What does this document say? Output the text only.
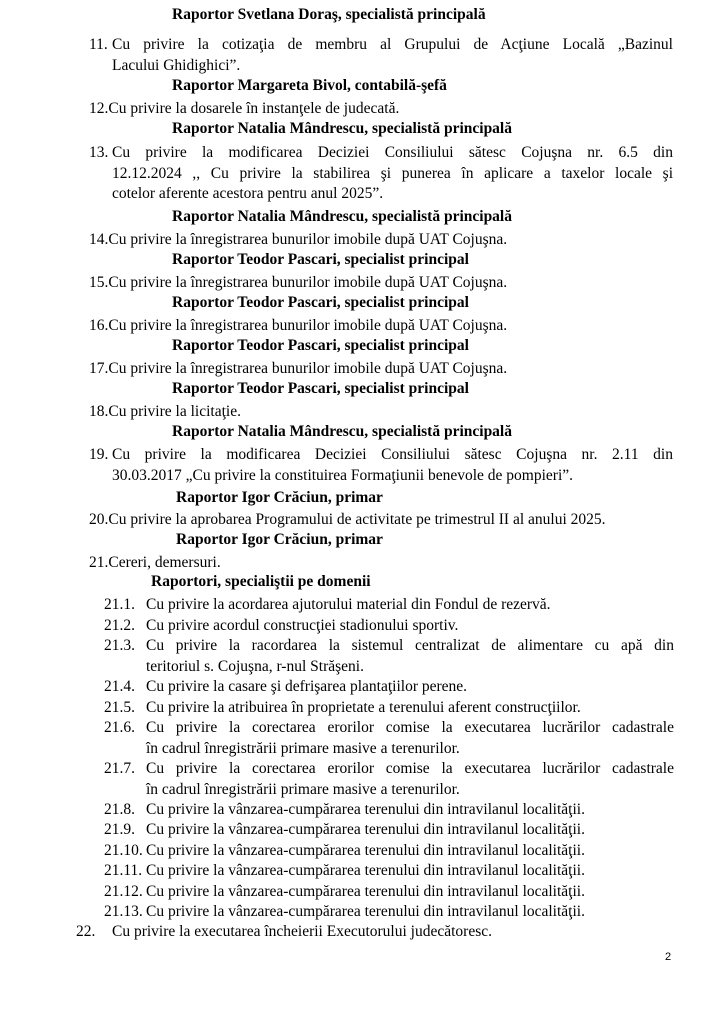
Raportor Svetlana Doraş, specialistă principală
11. Cu privire la cotizaţia de membru al Grupului de Acţiune Locală „Bazinul
Lacului Ghidighici”.
Raportor Margareta Bivol, contabilă-şefă
12.Cu privire la dosarele în instanţele de judecată.
Raportor Natalia Mândrescu, specialistă principală
13. Cu privire la modificarea Deciziei Consiliului sătesc Cojuşna nr. 6.5 din
12.12.2024 ,, Cu privire la stabilirea şi punerea în aplicare a taxelor locale şi
cotelor aferente acestora pentru anul 2025”.
Raportor Natalia Mândrescu, specialistă principală
14.Cu privire la înregistrarea bunurilor imobile după UAT Cojuşna.
Raportor Teodor Pascari, specialist principal
15.Cu privire la înregistrarea bunurilor imobile după UAT Cojuşna.
Raportor Teodor Pascari, specialist principal
16.Cu privire la înregistrarea bunurilor imobile după UAT Cojuşna.
Raportor Teodor Pascari, specialist principal
17.Cu privire la înregistrarea bunurilor imobile după UAT Cojuşna.
Raportor Teodor Pascari, specialist principal
18.Cu privire la licitaţie.
Raportor Natalia Mândrescu, specialistă principală
19. Cu privire la modificarea Deciziei Consiliului sătesc Cojuşna nr. 2.11 din
30.03.2017 „Cu privire la constituirea Formaţiunii benevole de pompieri”.
Raportor Igor Crăciun, primar
20.Cu privire la aprobarea Programului de activitate pe trimestrul II al anului 2025.
Raportor Igor Crăciun, primar
21.Cereri, demersuri.
Raportori, specialiştii pe domenii
21.1. Cu privire la acordarea ajutorului material din Fondul de rezervă.
21.2. Cu privire acordul construcţiei stadionului sportiv.
21.3. Cu privire la racordarea la sistemul centralizat de alimentare cu apă din
teritoriul s. Cojuşna, r-nul Străşeni.
21.4. Cu privire la casare şi defrişarea plantaţiilor perene.
21.5. Cu privire la atribuirea în proprietate a terenului aferent construcţiilor.
21.6. Cu privire la corectarea erorilor comise la executarea lucrărilor cadastrale
în cadrul înregistrării primare masive a terenurilor.
21.7. Cu privire la corectarea erorilor comise la executarea lucrărilor cadastrale
în cadrul înregistrării primare masive a terenurilor.
21.8. Cu privire la vânzarea-cumpărarea terenului din intravilanul localităţii.
21.9. Cu privire la vânzarea-cumpărarea terenului din intravilanul localităţii.
21.10. Cu privire la vânzarea-cumpărarea terenului din intravilanul localităţii.
21.11. Cu privire la vânzarea-cumpărarea terenului din intravilanul localităţii.
21.12. Cu privire la vânzarea-cumpărarea terenului din intravilanul localităţii.
21.13. Cu privire la vânzarea-cumpărarea terenului din intravilanul localităţii.
22. Cu privire la executarea încheierii Executorului judecătoresc.
2
